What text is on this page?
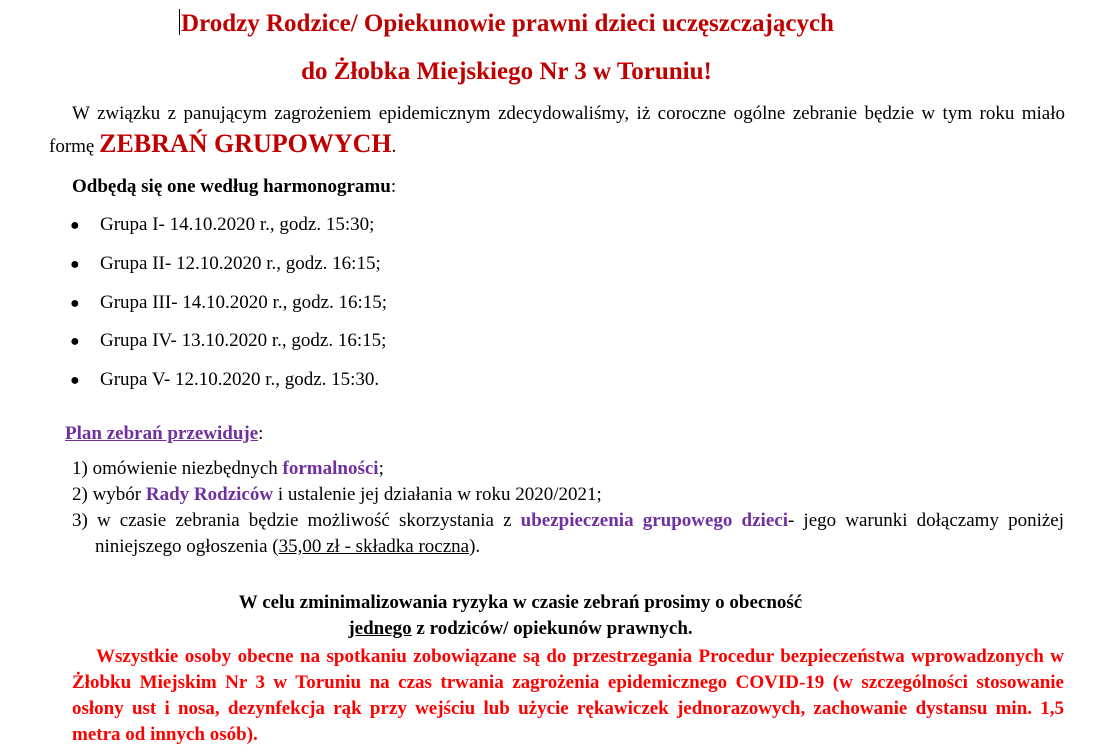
Drodzy Rodzice/ Opiekunowie prawni dzieci uczęszczających
do Żłobka Miejskiego Nr 3 w Toruniu!
W związku z panującym zagrożeniem epidemicznym zdecydowaliśmy, iż coroczne ogólne zebranie będzie w tym roku miało formę ZEBRAŃ GRUPOWYCH.
Odbędą się one według harmonogramu:
● Grupa I- 14.10.2020 r., godz. 15:30;
● Grupa II- 12.10.2020 r., godz. 16:15;
● Grupa III- 14.10.2020 r., godz. 16:15;
● Grupa IV- 13.10.2020 r., godz. 16:15;
● Grupa V- 12.10.2020 r., godz. 15:30.
Plan zebrań przewiduje:
1) omówienie niezbędnych formalności;
2) wybór Rady Rodziców i ustalenie jej działania w roku 2020/2021;
3) w czasie zebrania będzie możliwość skorzystania z ubezpieczenia grupowego dzieci- jego warunki dołączamy poniżej niniejszego ogłoszenia (35,00 zł - składka roczna).
W celu zminimalizowania ryzyka w czasie zebrań prosimy o obecność
jednego z rodziców/ opiekunów prawnych.
Wszystkie osoby obecne na spotkaniu zobowiązane są do przestrzegania Procedur bezpieczeństwa wprowadzonych w Żłobku Miejskim Nr 3 w Toruniu na czas trwania zagrożenia epidemicznego COVID-19 (w szczególności stosowanie osłony ust i nosa, dezynfekcja rąk przy wejściu lub użycie rękawiczek jednorazowych, zachowanie dystansu min. 1,5 metra od innych osób).
